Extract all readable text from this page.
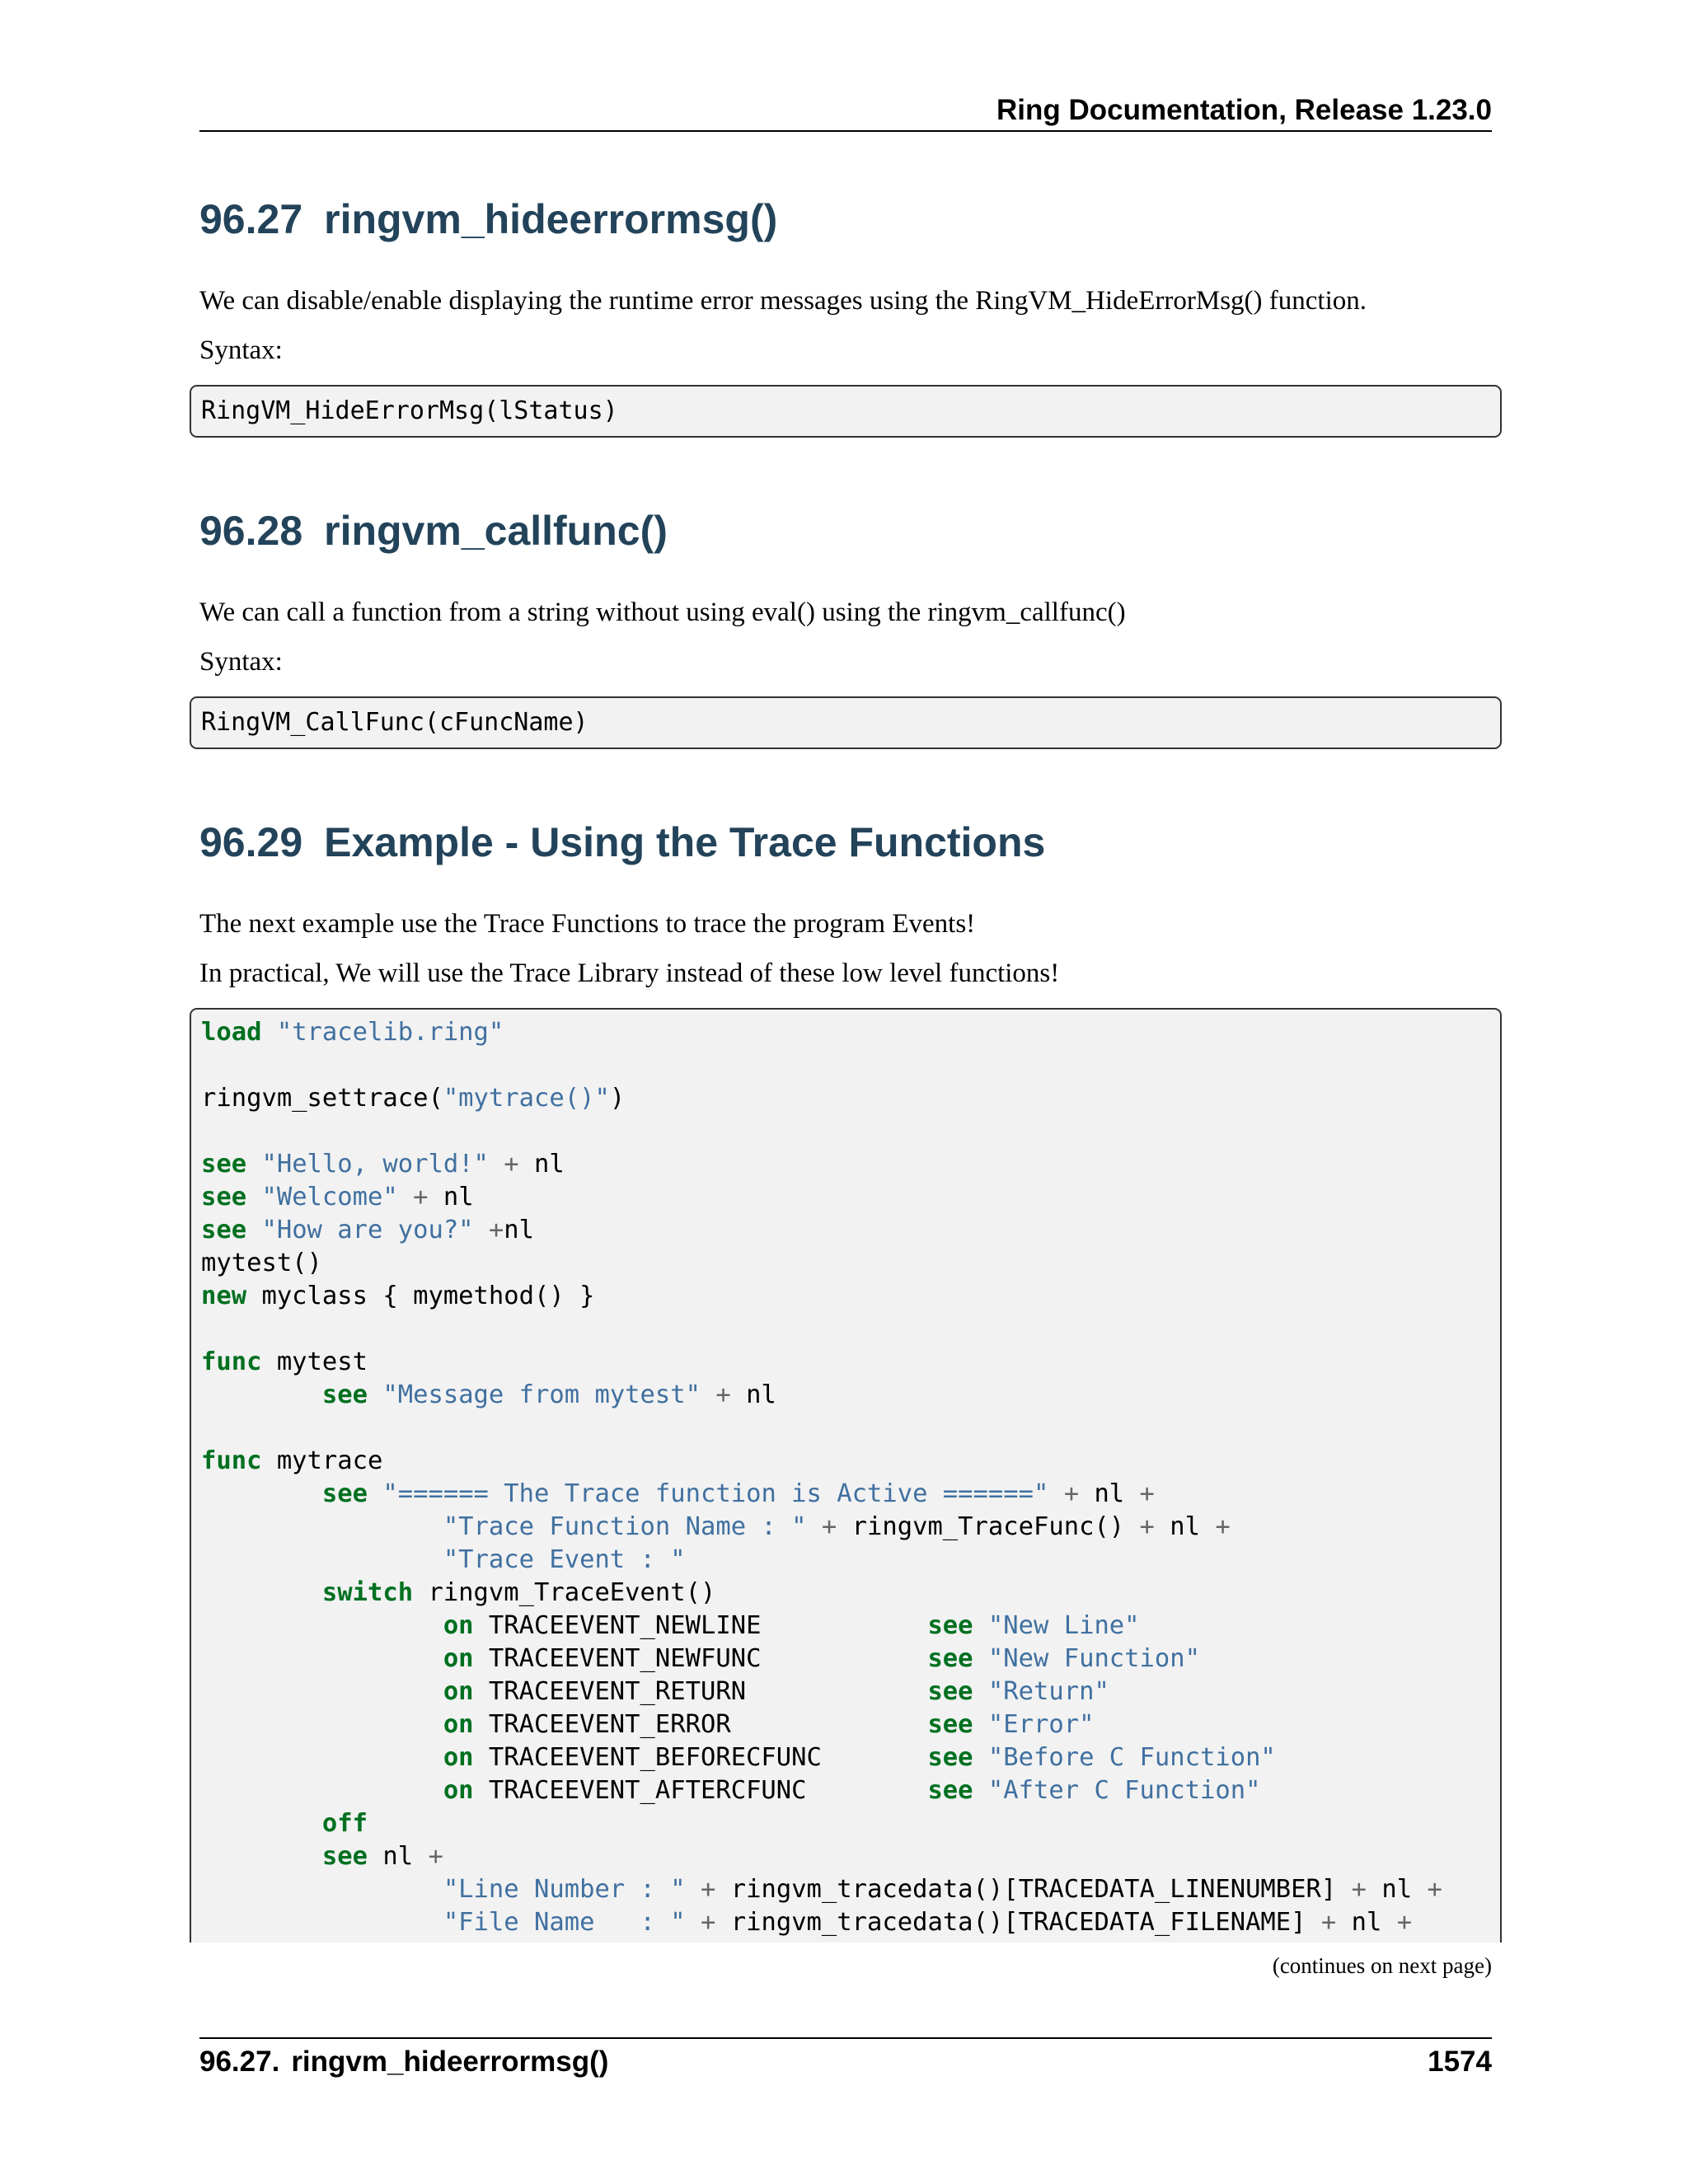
Ring Documentation, Release 1.23.0
96.27 ringvm_hideerrormsg()

We can disable/enable displaying the runtime error messages using the RingVM_HideErrorMsg() function.

Syntax:

RingVM_HideErrorMsg(lStatus)
96.28 ringvm_callfunc()

We can call a function from a string without using eval() using the ringvm_callfunc()

Syntax:

RingVM_CallFunc(cFuncName)
96.29 Example - Using the Trace Functions

The next example use the Trace Functions to trace the program Events!

In practical, We will use the Trace Library instead of these low level functions!

load "tracelib.ring"
ringvm_settrace("mytrace()")
see "Hello, world!" + nl
see "Welcome" + nl
see "How are you?" +nl
mytest()
new myclass { mymethod() }
func mytest
see "Message from mytest" + nl
func mytrace
see "====== The Trace function is Active ======" + nl +
"Trace Function Name : " + ringvm_TraceFunc() + nl +
"Trace Event : "
switch ringvm_TraceEvent()
on TRACEEVENT_NEWLINE           see "New Line"
on TRACEEVENT_NEWFUNC           see "New Function"
on TRACEEVENT_RETURN            see "Return"
on TRACEEVENT_ERROR             see "Error"
on TRACEEVENT_BEFORECFUNC       see "Before C Function"
on TRACEEVENT_AFTERCFUNC        see "After C Function"
off
see nl +
"Line Number : " + ringvm_tracedata()[TRACEDATA_LINENUMBER] + nl +
"File Name   : " + ringvm_tracedata()[TRACEDATA_FILENAME] + nl +
(continues on next page)
96.27. ringvm_hideerrormsg()	1574
